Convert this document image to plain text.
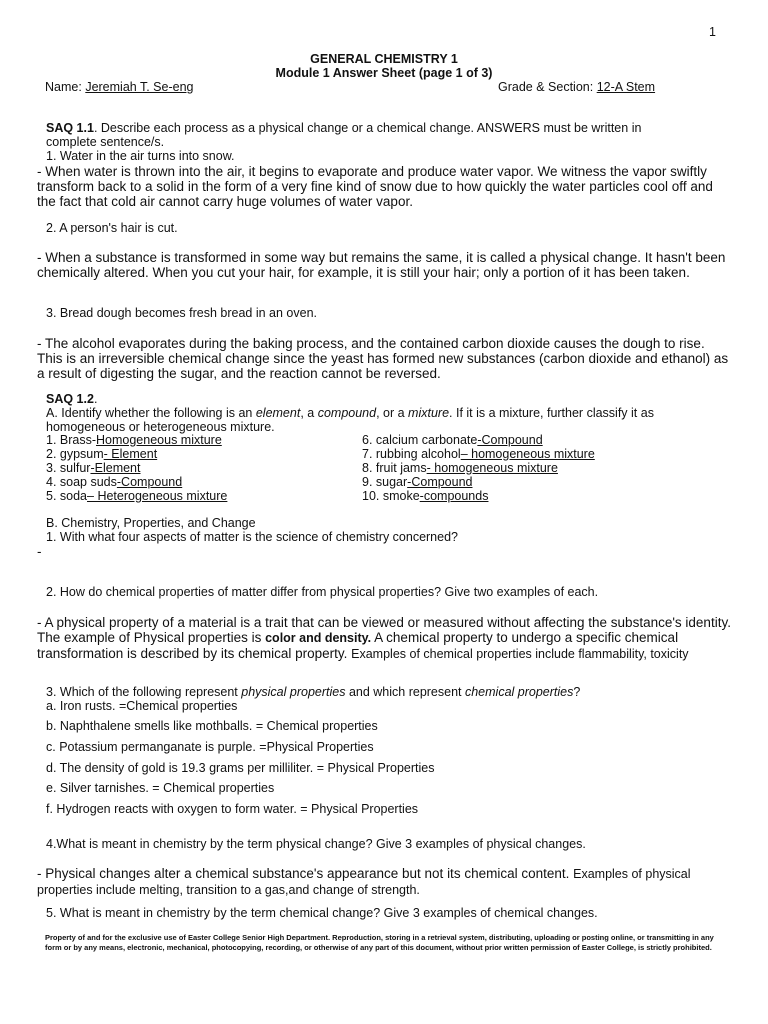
1
GENERAL CHEMISTRY 1
Module 1 Answer Sheet (page 1 of 3)
Name: Jeremiah T. Se-eng	Grade & Section: 12-A Stem
SAQ 1.1. Describe each process as a physical change or a chemical change. ANSWERS must be written in
complete sentence/s.
1. Water in the air turns into snow.
- When water is thrown into the air, it begins to evaporate and produce water vapor. We witness the vapor swiftly transform back to a solid in the form of a very fine kind of snow due to how quickly the water particles cool off and the fact that cold air cannot carry huge volumes of water vapor.
2. A person's hair is cut.
- When a substance is transformed in some way but remains the same, it is called a physical change. It hasn't been chemically altered. When you cut your hair, for example, it is still your hair; only a portion of it has been taken.
3. Bread dough becomes fresh bread in an oven.
- The alcohol evaporates during the baking process, and the contained carbon dioxide causes the dough to rise. This is an irreversible chemical change since the yeast has formed new substances (carbon dioxide and ethanol) as a result of digesting the sugar, and the reaction cannot be reversed.
SAQ 1.2.
A. Identify whether the following is an element, a compound, or a mixture. If it is a mixture, further classify it as
homogeneous or heterogeneous mixture.
1. Brass-Homogeneous mixture
2. gypsum- Element
3. sulfur-Element
4. soap suds-Compound
5. soda– Heterogeneous mixture
6. calcium carbonate-Compound
7. rubbing alcohol– homogeneous mixture
8. fruit jams- homogeneous mixture
9. sugar-Compound
10. smoke-compounds
B. Chemistry, Properties, and Change
1. With what four aspects of matter is the science of chemistry concerned?
-
2. How do chemical properties of matter differ from physical properties? Give two examples of each.
- A physical property of a material is a trait that can be viewed or measured without affecting the substance's identity. The example of Physical properties is color and density. A chemical property to undergo a specific chemical transformation is described by its chemical property. Examples of chemical properties include flammability, toxicity
3. Which of the following represent physical properties and which represent chemical properties?
a. Iron rusts. =Chemical properties
b. Naphthalene smells like mothballs. = Chemical properties
c. Potassium permanganate is purple. =Physical Properties
d. The density of gold is 19.3 grams per milliliter. = Physical Properties
e. Silver tarnishes. = Chemical properties
f. Hydrogen reacts with oxygen to form water. = Physical Properties
4.What is meant in chemistry by the term physical change? Give 3 examples of physical changes.
- Physical changes alter a chemical substance's appearance but not its chemical content. Examples of physical properties include melting, transition to a gas,and change of strength.
5. What is meant in chemistry by the term chemical change? Give 3 examples of chemical changes.
Property of and for the exclusive use of Easter College Senior High Department. Reproduction, storing in a retrieval system, distributing, uploading or posting online, or transmitting in any form or by any means, electronic, mechanical, photocopying, recording, or otherwise of any part of this document, without prior written permission of Easter College, is strictly prohibited.
